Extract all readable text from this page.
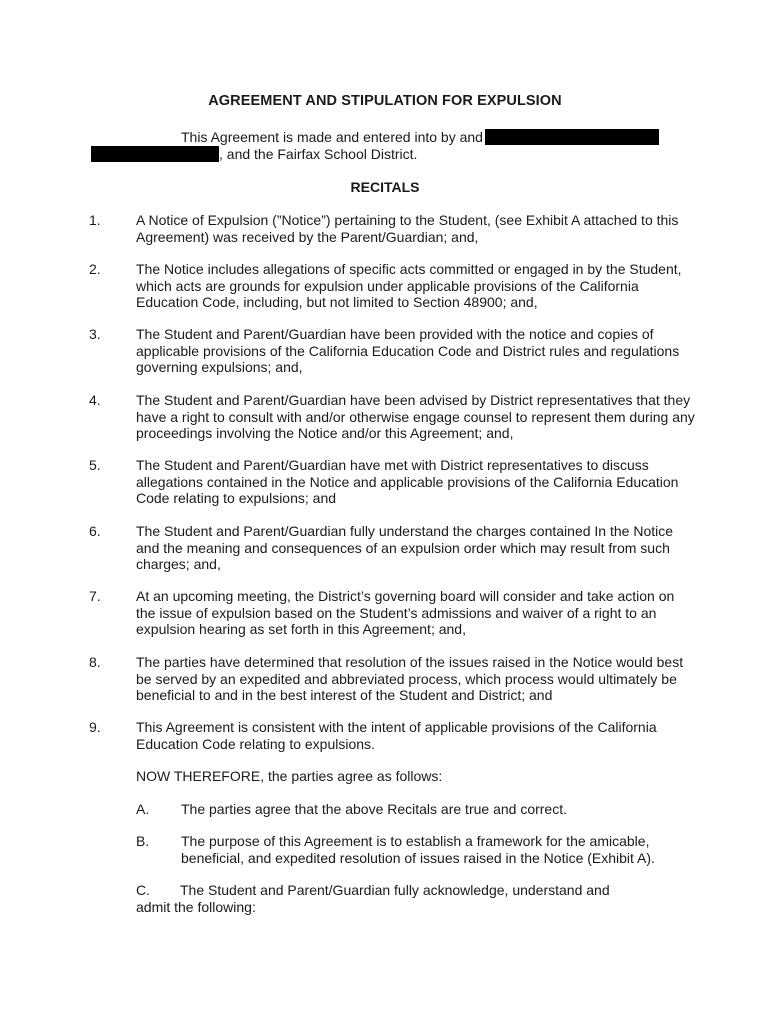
AGREEMENT AND STIPULATION FOR EXPULSION
This Agreement is made and entered into by and
, and the Fairfax School District.
RECITALS
1.	A Notice of Expulsion (”Notice”) pertaining to the Student, (see Exhibit A attached to this Agreement) was received by the Parent/Guardian; and,
2.	The Notice includes allegations of specific acts committed or engaged in by the Student, which acts are grounds for expulsion under applicable provisions of the California Education Code, including, but not limited to Section 48900; and,
3.	The Student and Parent/Guardian have been provided with the notice and copies of applicable provisions of the California Education Code and District rules and regulations governing expulsions; and,
4.	The Student and Parent/Guardian have been advised by District representatives that they have a right to consult with and/or otherwise engage counsel to represent them during any proceedings involving the Notice and/or this Agreement; and,
5.	The Student and Parent/Guardian have met with District representatives to discuss allegations contained in the Notice and applicable provisions of the California Education Code relating to expulsions; and
6.	The Student and Parent/Guardian fully understand the charges contained In the Notice and the meaning and consequences of an expulsion order which may result from such charges; and,
7.	At an upcoming meeting, the District’s governing board will consider and take action on the issue of expulsion based on the Student’s admissions and waiver of a right to an expulsion hearing as set forth in this Agreement; and,
8.	The parties have determined that resolution of the issues raised in the Notice would best be served by an expedited and abbreviated process, which process would ultimately be beneficial to and in the best interest of the Student and District; and
9.	This Agreement is consistent with the intent of applicable provisions of the California Education Code relating to expulsions.
NOW THEREFORE, the parties agree as follows:
A. The parties agree that the above Recitals are true and correct.
B. The purpose of this Agreement is to establish a framework for the amicable, beneficial, and expedited resolution of issues raised in the Notice (Exhibit A).
C. The Student and Parent/Guardian fully acknowledge, understand and
admit the following:
